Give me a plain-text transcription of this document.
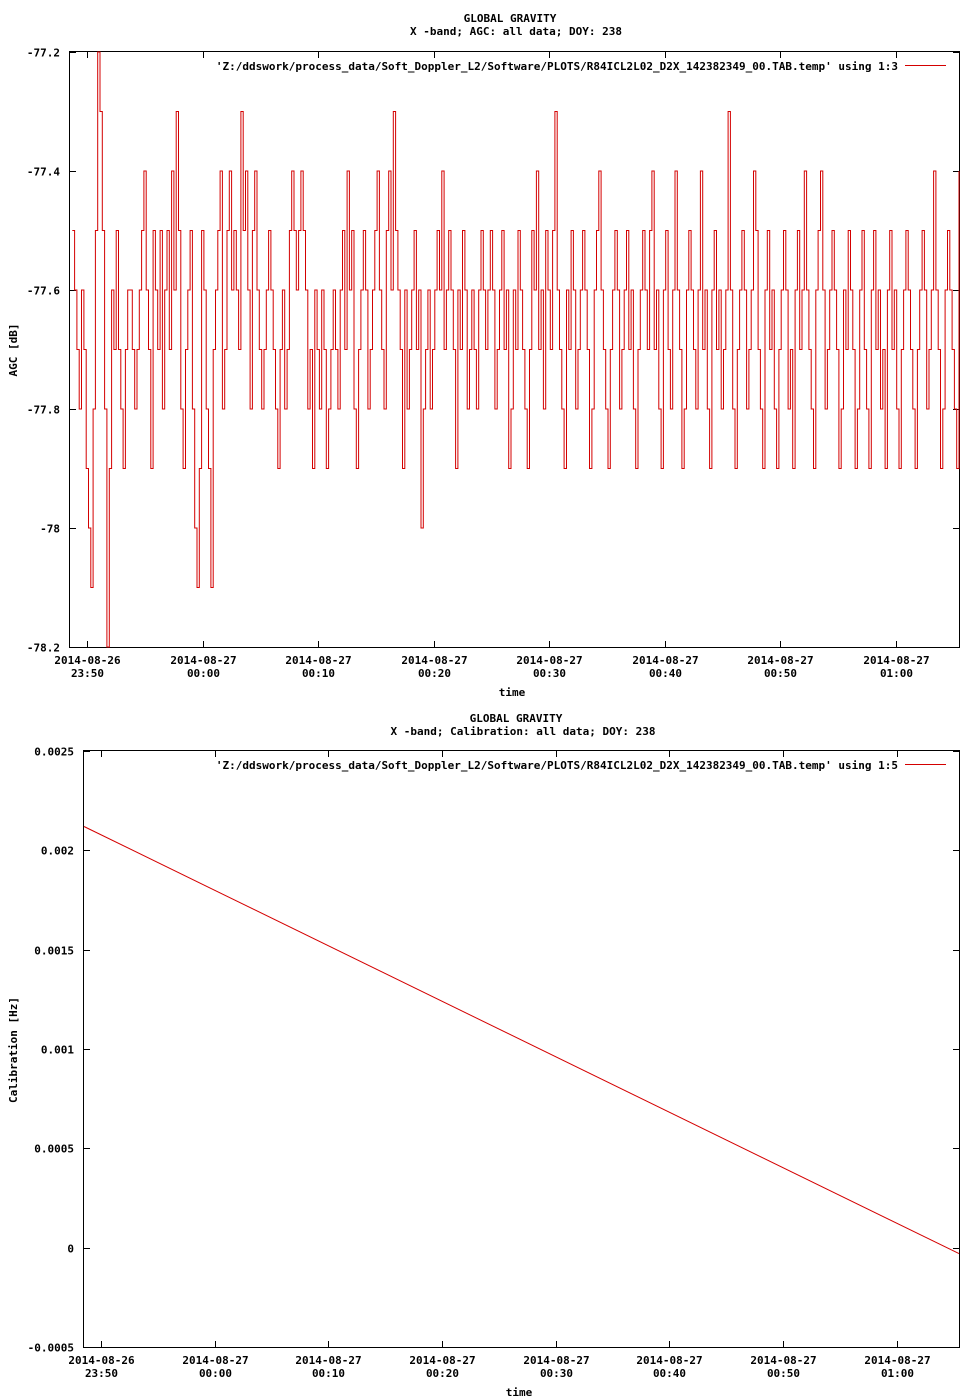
GLOBAL GRAVITY
X -band; AGC: all data; DOY: 238
-77.2
-77.4
-77.6
-77.8
-78
-78.2
2014-08-26
23:50
2014-08-27
00:00
2014-08-27
00:10
2014-08-27
00:20
2014-08-27
00:30
2014-08-27
00:40
2014-08-27
00:50
2014-08-27
01:00
time
AGC [dB]
'Z:/ddswork/process_data/Soft_Doppler_L2/Software/PLOTS/R84ICL2L02_D2X_142382349_00.TAB.temp' using 1:3
GLOBAL GRAVITY
X -band; Calibration: all data; DOY: 238
0.0025
0.002
0.0015
0.001
0.0005
0
-0.0005
2014-08-26
23:50
2014-08-27
00:00
2014-08-27
00:10
2014-08-27
00:20
2014-08-27
00:30
2014-08-27
00:40
2014-08-27
00:50
2014-08-27
01:00
time
Calibration [Hz]
'Z:/ddswork/process_data/Soft_Doppler_L2/Software/PLOTS/R84ICL2L02_D2X_142382349_00.TAB.temp' using 1:5
